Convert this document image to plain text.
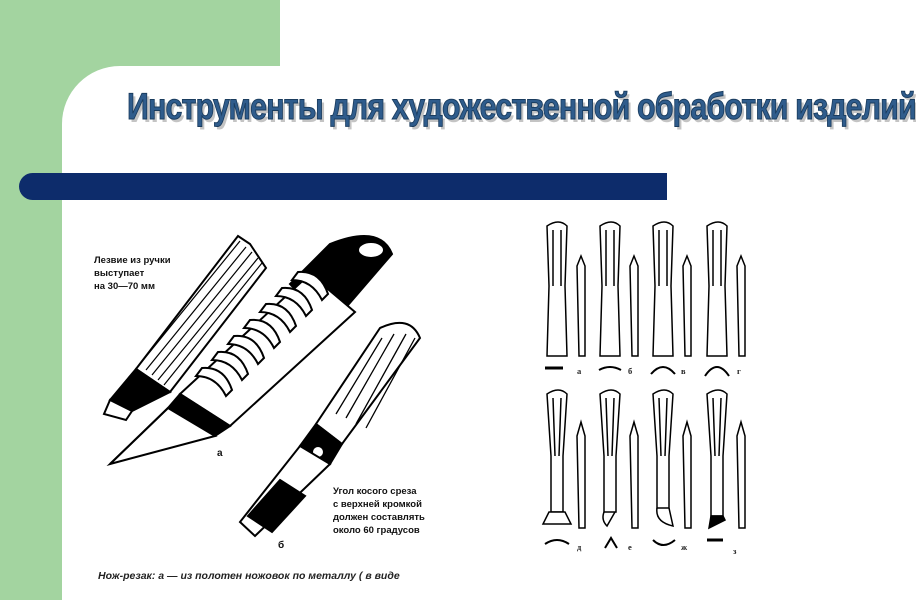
Инструменты для художественной обработки изделий
Лезвие из ручки
выступает
на 30—70 мм
Угол косого среза
с верхней кромкой
должен составлять
около 60 градусов
а
б
Нож-резак: а — из полотен ножовок по металлу ( в виде
а	б	в	г
д	е	ж	з
